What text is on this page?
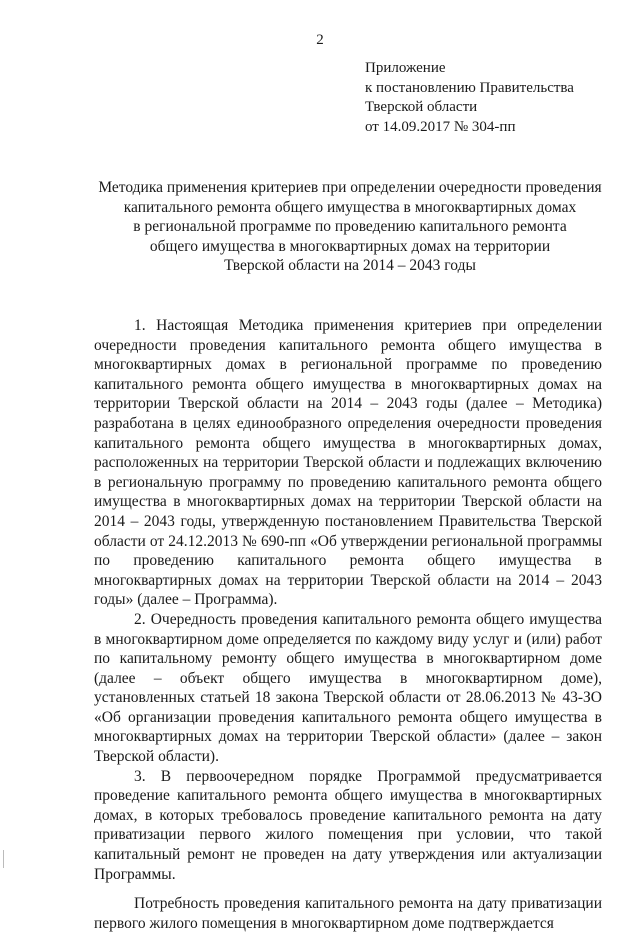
2
Приложение
к постановлению Правительства
Тверской области
от 14.09.2017 № 304-пп
Методика применения критериев при определении очередности проведения
капитального ремонта общего имущества в многоквартирных домах
в региональной программе по проведению капитального ремонта
общего имущества в многоквартирных домах на территории
Тверской области на 2014 – 2043 годы

1. Настоящая Методика применения критериев при определении очередности проведения капитального ремонта общего имущества в многоквартирных домах в региональной программе по проведению капитального ремонта общего имущества в многоквартирных домах на территории Тверской области на 2014 – 2043 годы (далее – Методика) разработана в целях единообразного определения очередности проведения капитального ремонта общего имущества в многоквартирных домах, расположенных на территории Тверской области и подлежащих включению в региональную программу по проведению капитального ремонта общего имущества в многоквартирных домах на территории Тверской области на 2014 – 2043 годы, утвержденную постановлением Правительства Тверской области от 24.12.2013 № 690-пп «Об утверждении региональной программы по проведению капитального ремонта общего имущества в многоквартирных домах на территории Тверской области на 2014 – 2043 годы» (далее – Программа).

2. Очередность проведения капитального ремонта общего имущества в многоквартирном доме определяется по каждому виду услуг и (или) работ по капитальному ремонту общего имущества в многоквартирном доме (далее – объект общего имущества в многоквартирном доме), установленных статьей 18 закона Тверской области от 28.06.2013 № 43-ЗО «Об организации проведения капитального ремонта общего имущества в многоквартирных домах на территории Тверской области» (далее – закон Тверской области).

3. В первоочередном порядке Программой предусматривается проведение капитального ремонта общего имущества в многоквартирных домах, в которых требовалось проведение капитального ремонта на дату приватизации первого жилого помещения при условии, что такой капитальный ремонт не проведен на дату утверждения или актуализации Программы.

Потребность проведения капитального ремонта на дату приватизации первого жилого помещения в многоквартирном доме подтверждается
